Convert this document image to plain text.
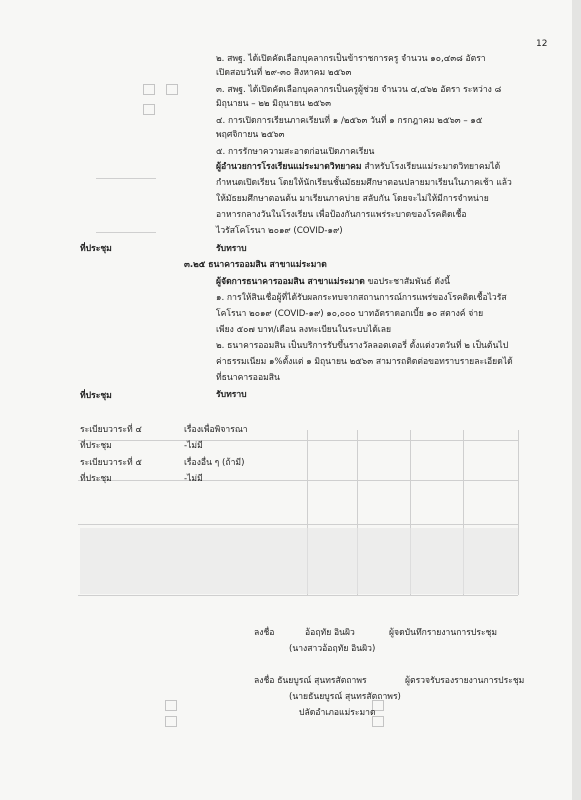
12
๒. สพฐ. ได้เปิดคัดเลือกบุคลากรเป็นข้าราชการครู จำนวน ๑๐,๔๓๘ อัตรา
เปิดสอบวันที่ ๒๙-๓๐ สิงหาคม ๒๕๖๓
๓. สพฐ. ได้เปิดคัดเลือกบุคลากรเป็นครูผู้ช่วย จำนวน ๔,๔๖๒ อัตรา ระหว่าง ๘
มิถุนายน – ๒๒ มิถุนายน ๒๕๖๓
๔. การเปิดการเรียนภาคเรียนที่ ๑ /๒๕๖๓ วันที่ ๑ กรกฎาคม ๒๕๖๓ – ๑๕
พฤศจิกายน ๒๕๖๓
๕. การรักษาความสะอาดก่อนเปิดภาคเรียน
ผู้อำนวยการโรงเรียนแม่ระมาดวิทยาคม สำหรับโรงเรียนแม่ระมาดวิทยาคมได้
กำหนดเปิดเรียน โดยให้นักเรียนชั้นมัธยมศึกษาตอนปลายมาเรียนในภาคเช้า แล้ว
ให้มัธยมศึกษาตอนต้น มาเรียนภาคบ่าย สลับกัน โดยจะไม่ให้มีการจำหน่าย
อาหารกลางวันในโรงเรียน เพื่อป้องกันการแพร่ระบาดของโรคติดเชื้อ
ไวรัสโคโรนา ๒๐๑๙ (COVID-๑๙)
ที่ประชุม	รับทราบ
๓.๒๕ ธนาคารออมสิน สาขาแม่ระมาด
ผู้จัดการธนาคารออมสิน สาขาแม่ระมาด ขอประชาสัมพันธ์ ดังนี้
๑. การให้สินเชื่อผู้ที่ได้รับผลกระทบจากสถานการณ์การแพร่ของโรคติดเชื้อไวรัส
โคโรนา ๒๐๑๙ (COVID-๑๙) ๑๐,๐๐๐ บาทอัตราดอกเบี้ย ๑๐ สตางค์ จ่าย
เพียง ๕๐๗ บาท/เดือน ลงทะเบียนในระบบได้เลย
๒. ธนาคารออมสิน เป็นบริการรับขึ้นรางวัลลอตเตอรี่ ตั้งแต่งวดวันที่ ๒ เป็นต้นไป
ค่าธรรมเนียม ๑%ตั้งแต่ ๑ มิถุนายน ๒๕๖๓ สามารถติดต่อขอทราบรายละเอียดได้
ที่ธนาคารออมสิน
ที่ประชุม	รับทราบ
ระเบียบวาระที่ ๔	เรื่องเพื่อพิจารณา
ที่ประชุม	-ไม่มี
ระเบียบวาระที่ ๕	เรื่องอื่น ๆ (ถ้ามี)
ที่ประชุม	-ไม่มี
ลงชื่อ	อ้อฤทัย อินผิว	ผู้จดบันทึกรายงานการประชุม
(นางสาวอ้อฤทัย อินผิว)
ลงชื่อ ธันยบูรณ์ สุนทรสัตถาพร	ผู้ตรวจรับรองรายงานการประชุม
(นายธันยบูรณ์ สุนทรสัตถาพร)
ปลัดอำเภอแม่ระมาด
